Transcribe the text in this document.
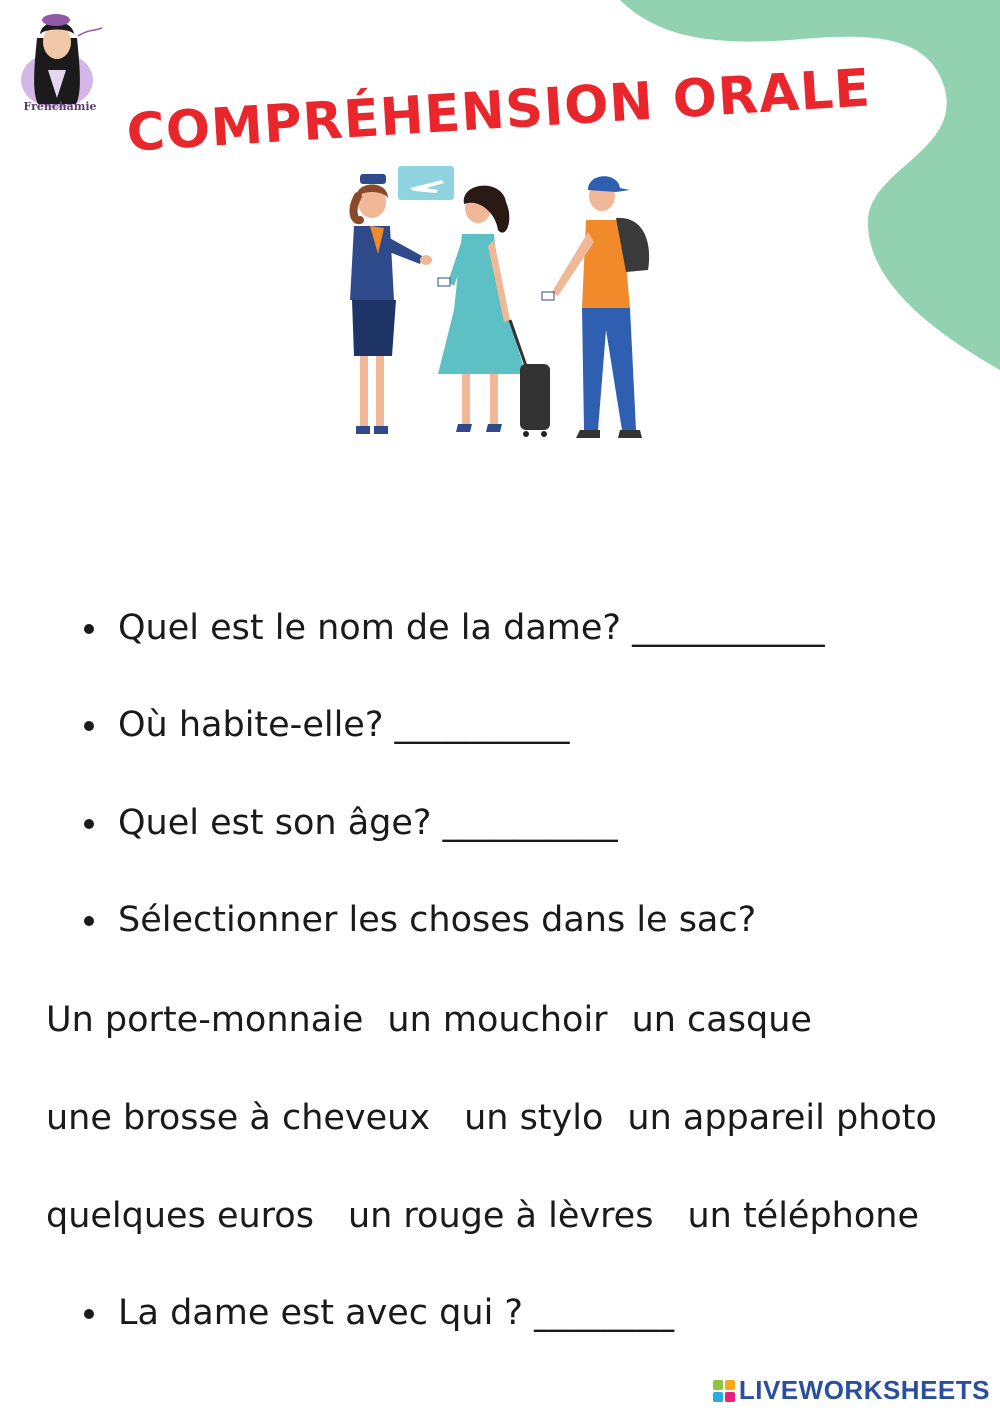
Frenchamie COMPRÉHENSION ORALE
Quel est le nom de la dame? ___________
Où habite-elle? __________
Quel est son âge? __________
Sélectionner les choses dans le sac?
Un porte-monnaie un mouchoir un casque
une brosse à cheveux un stylo un appareil photo
quelques euros un rouge à lèvres un téléphone
La dame est avec qui ? ________
LIVEWORKSHEETS
